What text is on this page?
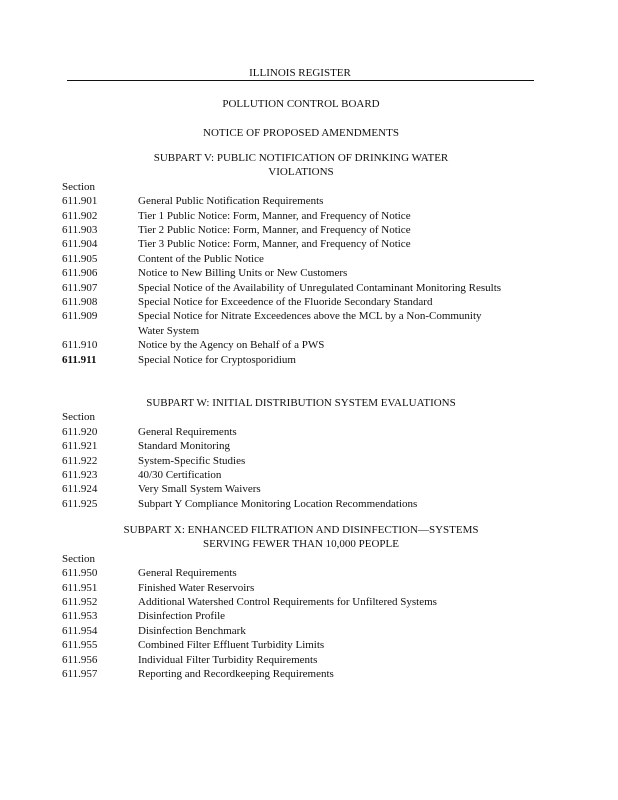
ILLINOIS REGISTER
POLLUTION CONTROL BOARD
NOTICE OF PROPOSED AMENDMENTS
SUBPART V: PUBLIC NOTIFICATION OF DRINKING WATER
VIOLATIONS
Section
611.901	General Public Notification Requirements
611.902	Tier 1 Public Notice: Form, Manner, and Frequency of Notice
611.903	Tier 2 Public Notice: Form, Manner, and Frequency of Notice
611.904	Tier 3 Public Notice: Form, Manner, and Frequency of Notice
611.905	Content of the Public Notice
611.906	Notice to New Billing Units or New Customers
611.907	Special Notice of the Availability of Unregulated Contaminant Monitoring Results
611.908	Special Notice for Exceedence of the Fluoride Secondary Standard
611.909	Special Notice for Nitrate Exceedences above the MCL by a Non-Community Water System
611.910	Notice by the Agency on Behalf of a PWS
611.911	Special Notice for Cryptosporidium
SUBPART W: INITIAL DISTRIBUTION SYSTEM EVALUATIONS
Section
611.920	General Requirements
611.921	Standard Monitoring
611.922	System-Specific Studies
611.923	40/30 Certification
611.924	Very Small System Waivers
611.925	Subpart Y Compliance Monitoring Location Recommendations
SUBPART X: ENHANCED FILTRATION AND DISINFECTION—SYSTEMS
SERVING FEWER THAN 10,000 PEOPLE
Section
611.950	General Requirements
611.951	Finished Water Reservoirs
611.952	Additional Watershed Control Requirements for Unfiltered Systems
611.953	Disinfection Profile
611.954	Disinfection Benchmark
611.955	Combined Filter Effluent Turbidity Limits
611.956	Individual Filter Turbidity Requirements
611.957	Reporting and Recordkeeping Requirements
